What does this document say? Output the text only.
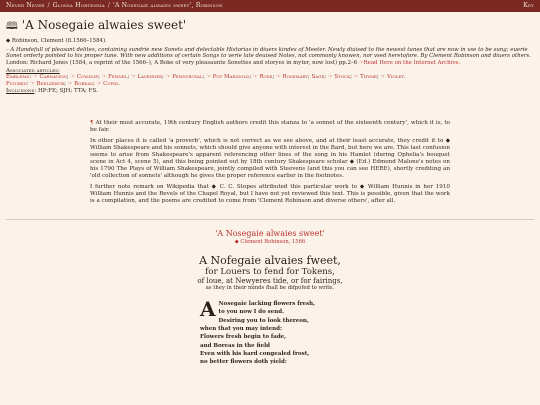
Never Never / Glossa Hortensia / 'A Nosegaie alwaies sweet', Robinson	Key
🕮 'A Nosegaie alwaies sweet'
◆ Robinson, Clement (fl.1566–1584).
– A Handefull of pleasant delites, containing sundrie new Sonets and delectable Historias in diuers kindes of Meeter. Newly diuised to the newest tunes that are now in vse to be sung; euerie Sonet orderly pointed to his proper tune. With new additions of certain Songs to verie late deuised Notes, not commonly knowen, nor vsed heretofore. By Clement Robinson and diuers others. London: Richard Jones (1584, a reprint of the 1566–), A Boke of very pleasaunte Sonettes and storyes in myter, now lost) pp.2–6 ☞Read Here on the Internet Archive.
Associated articles:
Emblems: ☞ Carnation; ☞ Cowslip; ☞ Fennel; ☞ Lavender; ☞ Pennyroyal; ☞ Pot Marigold; ☞ Rose; ☞ Rosemary; Sage; ☞ Stock; ☞ Thyme; ☞ Violet.
Figures: ☞ Beelzebub; ☞ Boreas; ☞ Cupid.
Inclusions: HP:FE; SJH; TTA; FS.

¶ At their most accurate, 19th century English authors credit this stanza to 'a sonnet of the sixteenth century', which it is, to be fair.

In other places it is called 'a proverb', which is not correct as we see above, and at their least accurate, they credit it to ◆ William Shakespeare and his sonnets, which should give anyone with interest in the Bard, but here we are. This last confusion seems to arise from Shakespeare's apparent referencing other lines of the song in his Hamlet (during Ophelia's bouquet scene in Act 4, scene 5), and this being pointed out by 18th century Shakespeare scholar ◆ (Ed.) Edmond Malone's notes on his 1790 The Plays of William Shakespeare, jointly compiled with Steevens (and this you can see HERE), shortly crediting an 'old collection of sonnets' although he gives the proper reference earlier in the footnotes.

I further note remark on Wikipedia that ◆ C. C. Stopes attributed this particular work to ◆ William Hunnis in her 1910 William Hunnis and the Revels of the Chapel Royal, but I have not yet reviewed this text. This is possible, given that the work is a compilation, and the poems are credited to come from 'Clement Robinson and diverse others', after all.

'A Nosegaie alwaies sweet'
◆ Clement Robinson, 1566
A Nofegaie alvaies fweet,
for Louers to fend for Tokens,
of loue, at Newyeres tide, or for fairings,
as they in their minds fhall be difpofed to write.
A Nosegaie lacking flowers fresh,
to you now I do send.
Desiring you to look thereon,
when that you may intend:
Flowers fresh begin to fade,
and Boreas in the field
Even with his hard congealed frost,
no better flowers doth yield:
